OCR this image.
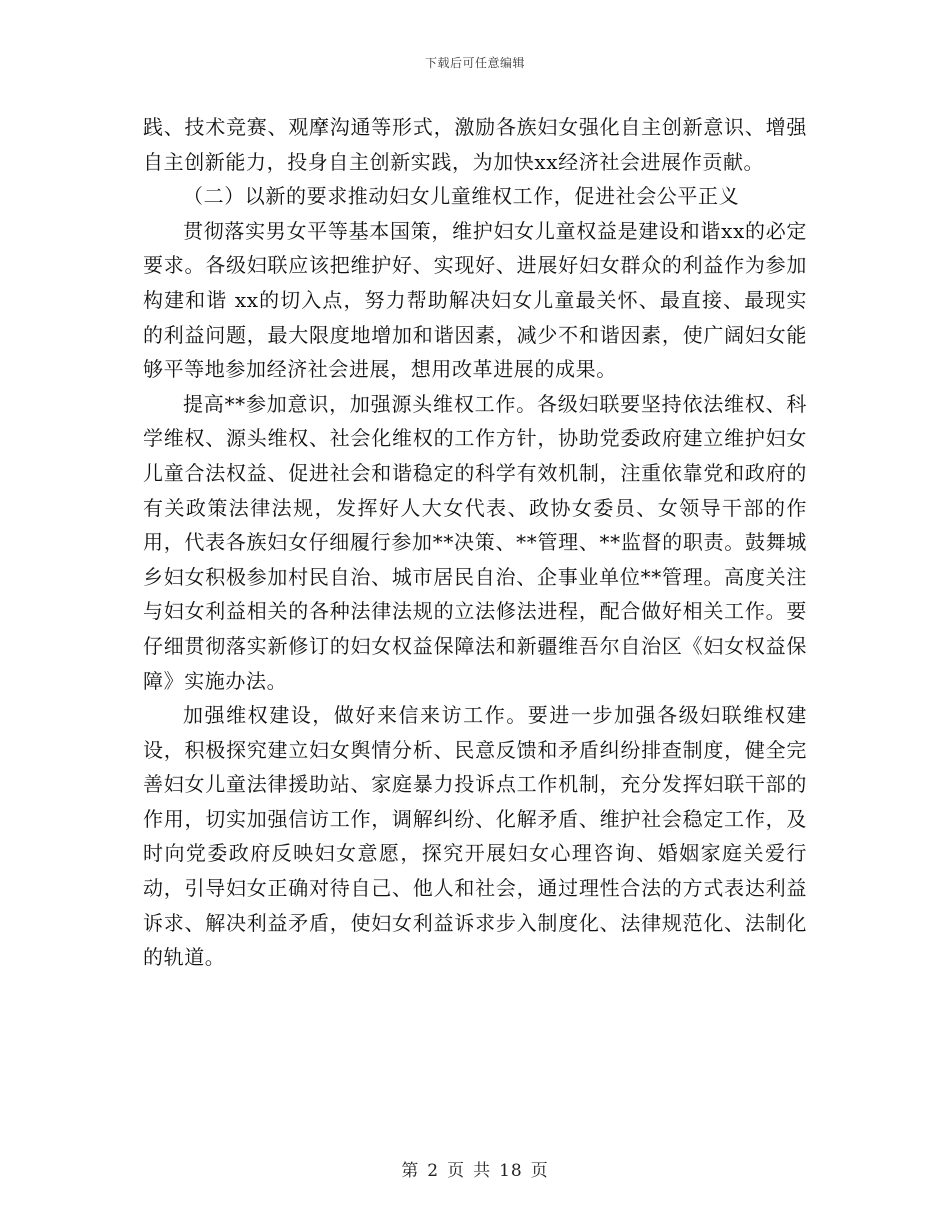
下载后可任意编辑

践、技术竞赛、观摩沟通等形式，激励各族妇女强化自主创新意识、增强自主创新能力，投身自主创新实践，为加快xx经济社会进展作贡献。

（二）以新的要求推动妇女儿童维权工作，促进社会公平正义

贯彻落实男女平等基本国策，维护妇女儿童权益是建设和谐xx的必定要求。各级妇联应该把维护好、实现好、进展好妇女群众的利益作为参加构建和谐 xx的切入点，努力帮助解决妇女儿童最关怀、最直接、最现实的利益问题，最大限度地增加和谐因素，减少不和谐因素，使广阔妇女能够平等地参加经济社会进展，想用改革进展的成果。

提高**参加意识，加强源头维权工作。各级妇联要坚持依法维权、科学维权、源头维权、社会化维权的工作方针，协助党委政府建立维护妇女儿童合法权益、促进社会和谐稳定的科学有效机制，注重依靠党和政府的有关政策法律法规，发挥好人大女代表、政协女委员、女领导干部的作用，代表各族妇女仔细履行参加**决策、**管理、**监督的职责。鼓舞城乡妇女积极参加村民自治、城市居民自治、企事业单位**管理。高度关注与妇女利益相关的各种法律法规的立法修法进程，配合做好相关工作。要仔细贯彻落实新修订的妇女权益保障法和新疆维吾尔自治区《妇女权益保障》实施办法。

加强维权建设，做好来信来访工作。要进一步加强各级妇联维权建设，积极探究建立妇女舆情分析、民意反馈和矛盾纠纷排查制度，健全完善妇女儿童法律援助站、家庭暴力投诉点工作机制，充分发挥妇联干部的作用，切实加强信访工作，调解纠纷、化解矛盾、维护社会稳定工作，及时向党委政府反映妇女意愿，探究开展妇女心理咨询、婚姻家庭关爱行动，引导妇女正确对待自己、他人和社会，通过理性合法的方式表达利益诉求、解决利益矛盾，使妇女利益诉求步入制度化、法律规范化、法制化的轨道。

第 2 页 共 18 页
